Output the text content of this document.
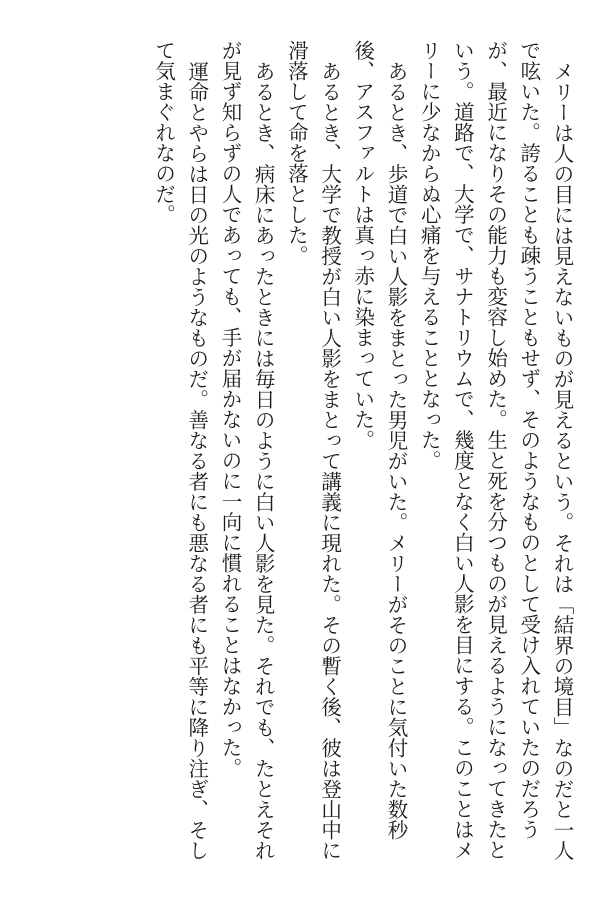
メリーは人の目には見えないものが見えるという。それは「結界の境目」なのだと一人で呟いた。誇ることも疎うこともせず、そのようなものとして受け入れていたのだろうが、最近になりその能力も変容し始めた。生と死を分つものが見えるようになってきたという。道路で、大学で、サナトリウムで、幾度となく白い人影を目にする。このことはメリーに少なからぬ心痛を与えることとなった。

あるとき、歩道で白い人影をまとった男児がいた。メリーがそのことに気付いた数秒後、アスファルトは真っ赤に染まっていた。

あるとき、大学で教授が白い人影をまとって講義に現れた。その暫く後、彼は登山中に滑落して命を落とした。

あるとき、病床にあったときには毎日のように白い人影を見た。それでも、たとえそれが見ず知らずの人であっても、手が届かないのに一向に慣れることはなかった。

運命とやらは日の光のようなものだ。善なる者にも悪なる者にも平等に降り注ぎ、そして気まぐれなのだ。
